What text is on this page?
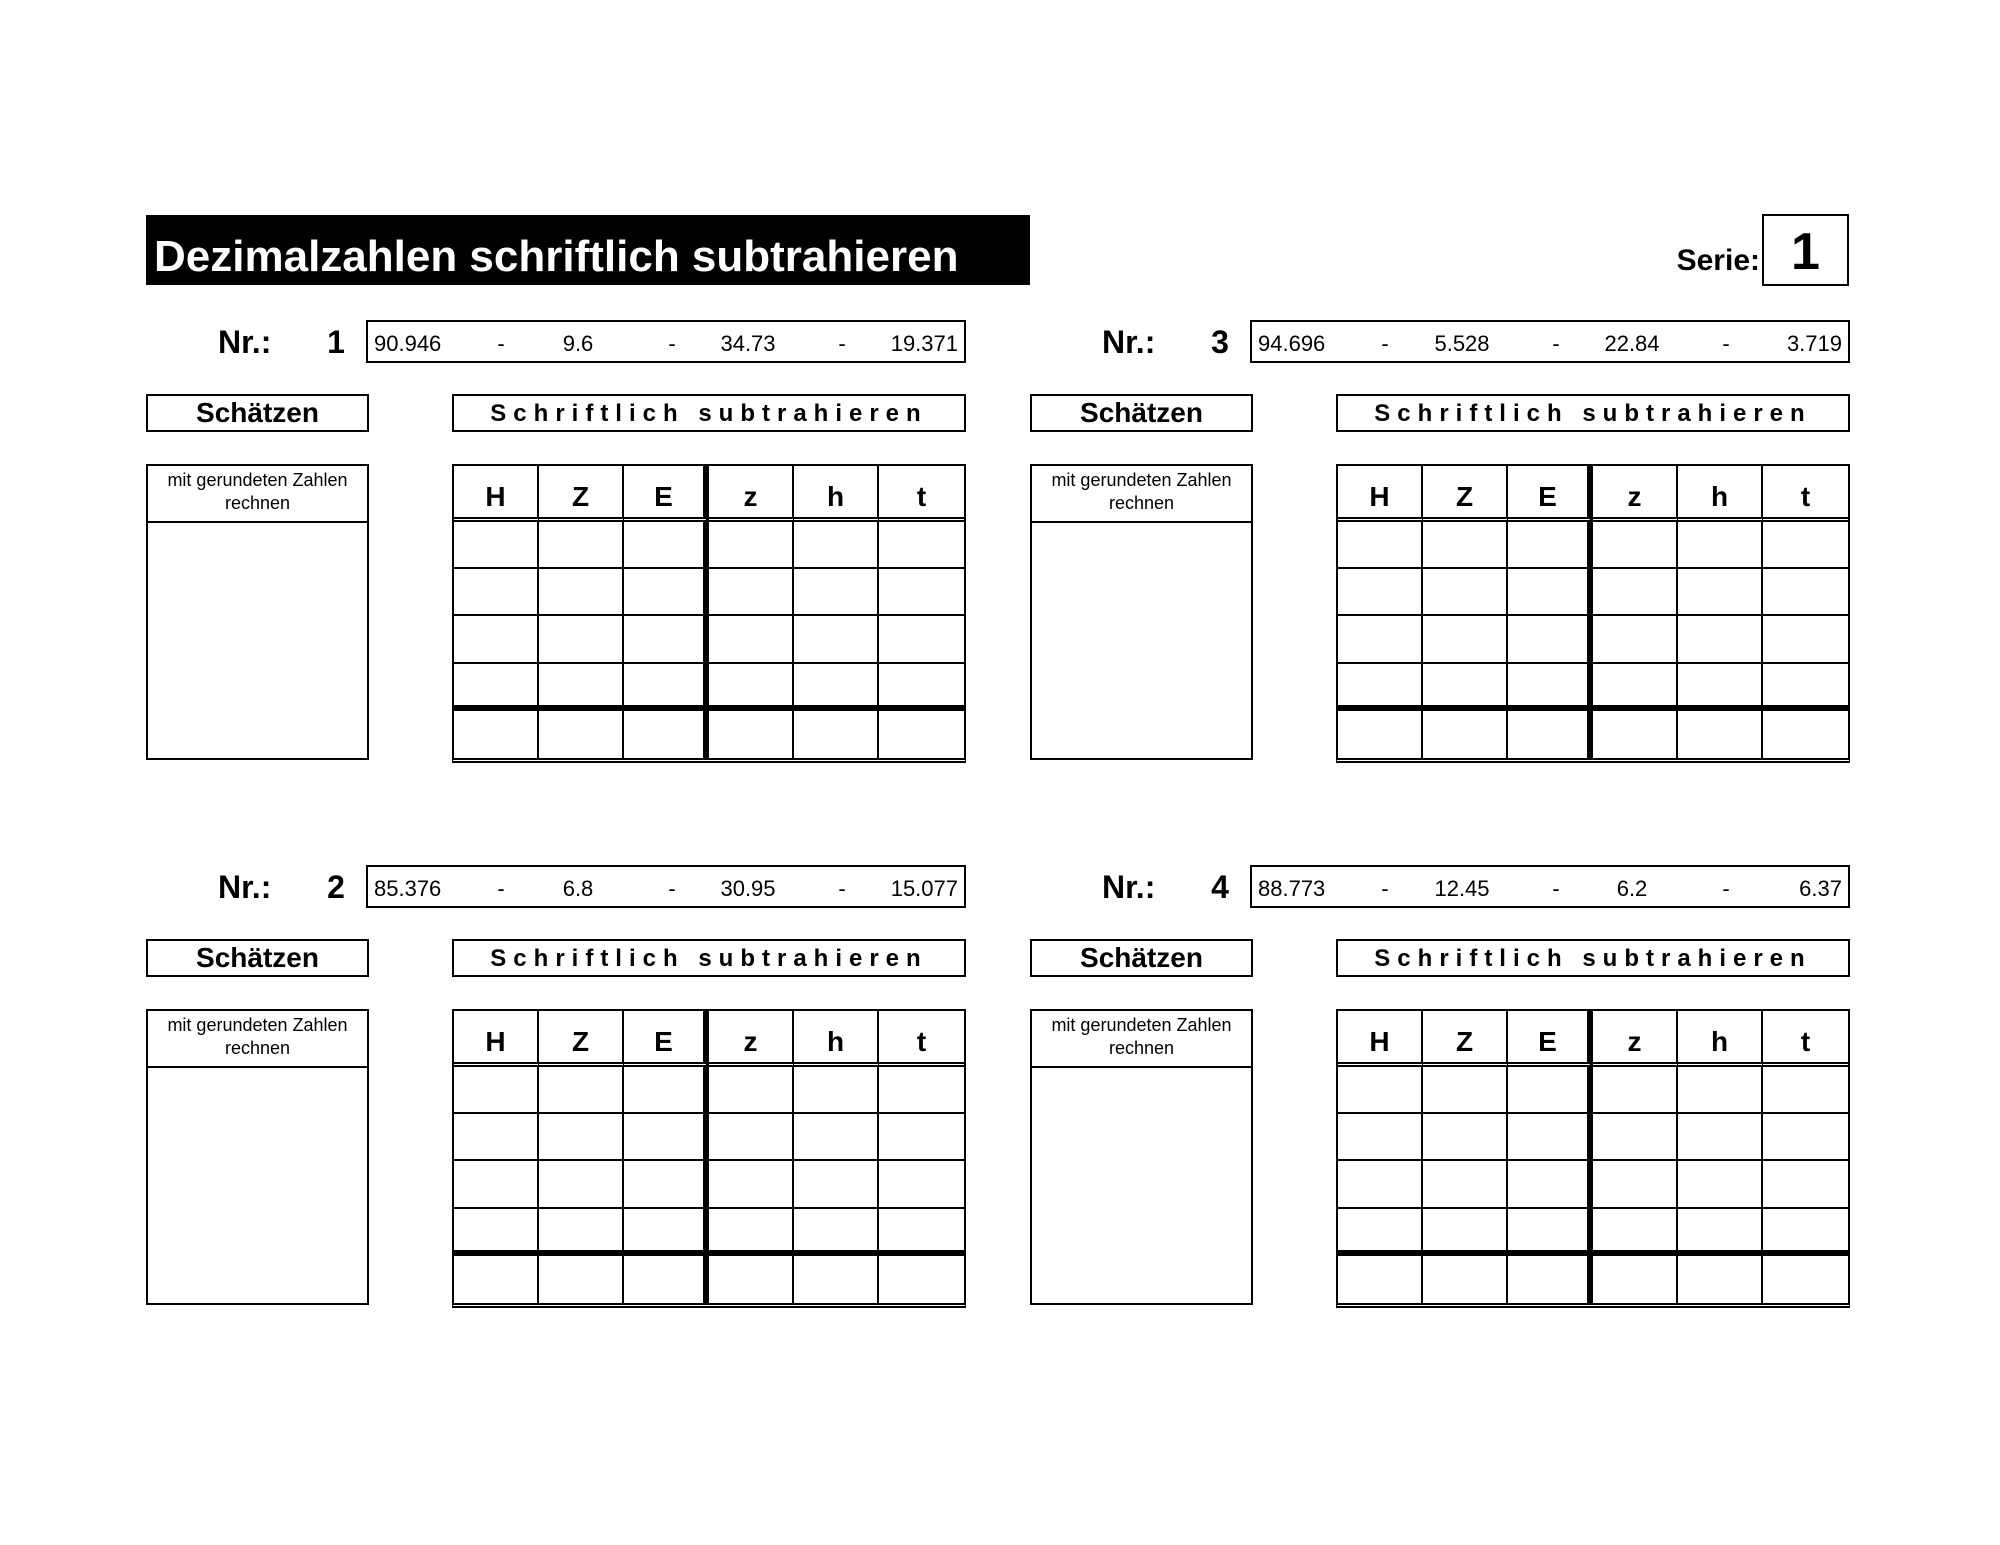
Dezimalzahlen schriftlich subtrahieren	Serie: 1
Nr.:	1	90.946	-	9.6	-	34.73	- 19.371
Schätzen	Schriftlich subtrahieren
mit gerundeten Zahlen rechnen	H	Z	E	z	h	t
Nr.:	2	85.376	-	6.8	-	30.95	- 15.077
Schätzen	Schriftlich subtrahieren
mit gerundeten Zahlen rechnen	H	Z	E	z	h	t
Nr.:	3	94.696	-	5.528	-	22.84	-	3.719
Schätzen	Schriftlich subtrahieren
mit gerundeten Zahlen rechnen	H	Z	E	z	h	t
Nr.:	4	88.773	-	12.45	-	6.2	-	6.37
Schätzen	Schriftlich subtrahieren
mit gerundeten Zahlen rechnen	H	Z	E	z	h	t
